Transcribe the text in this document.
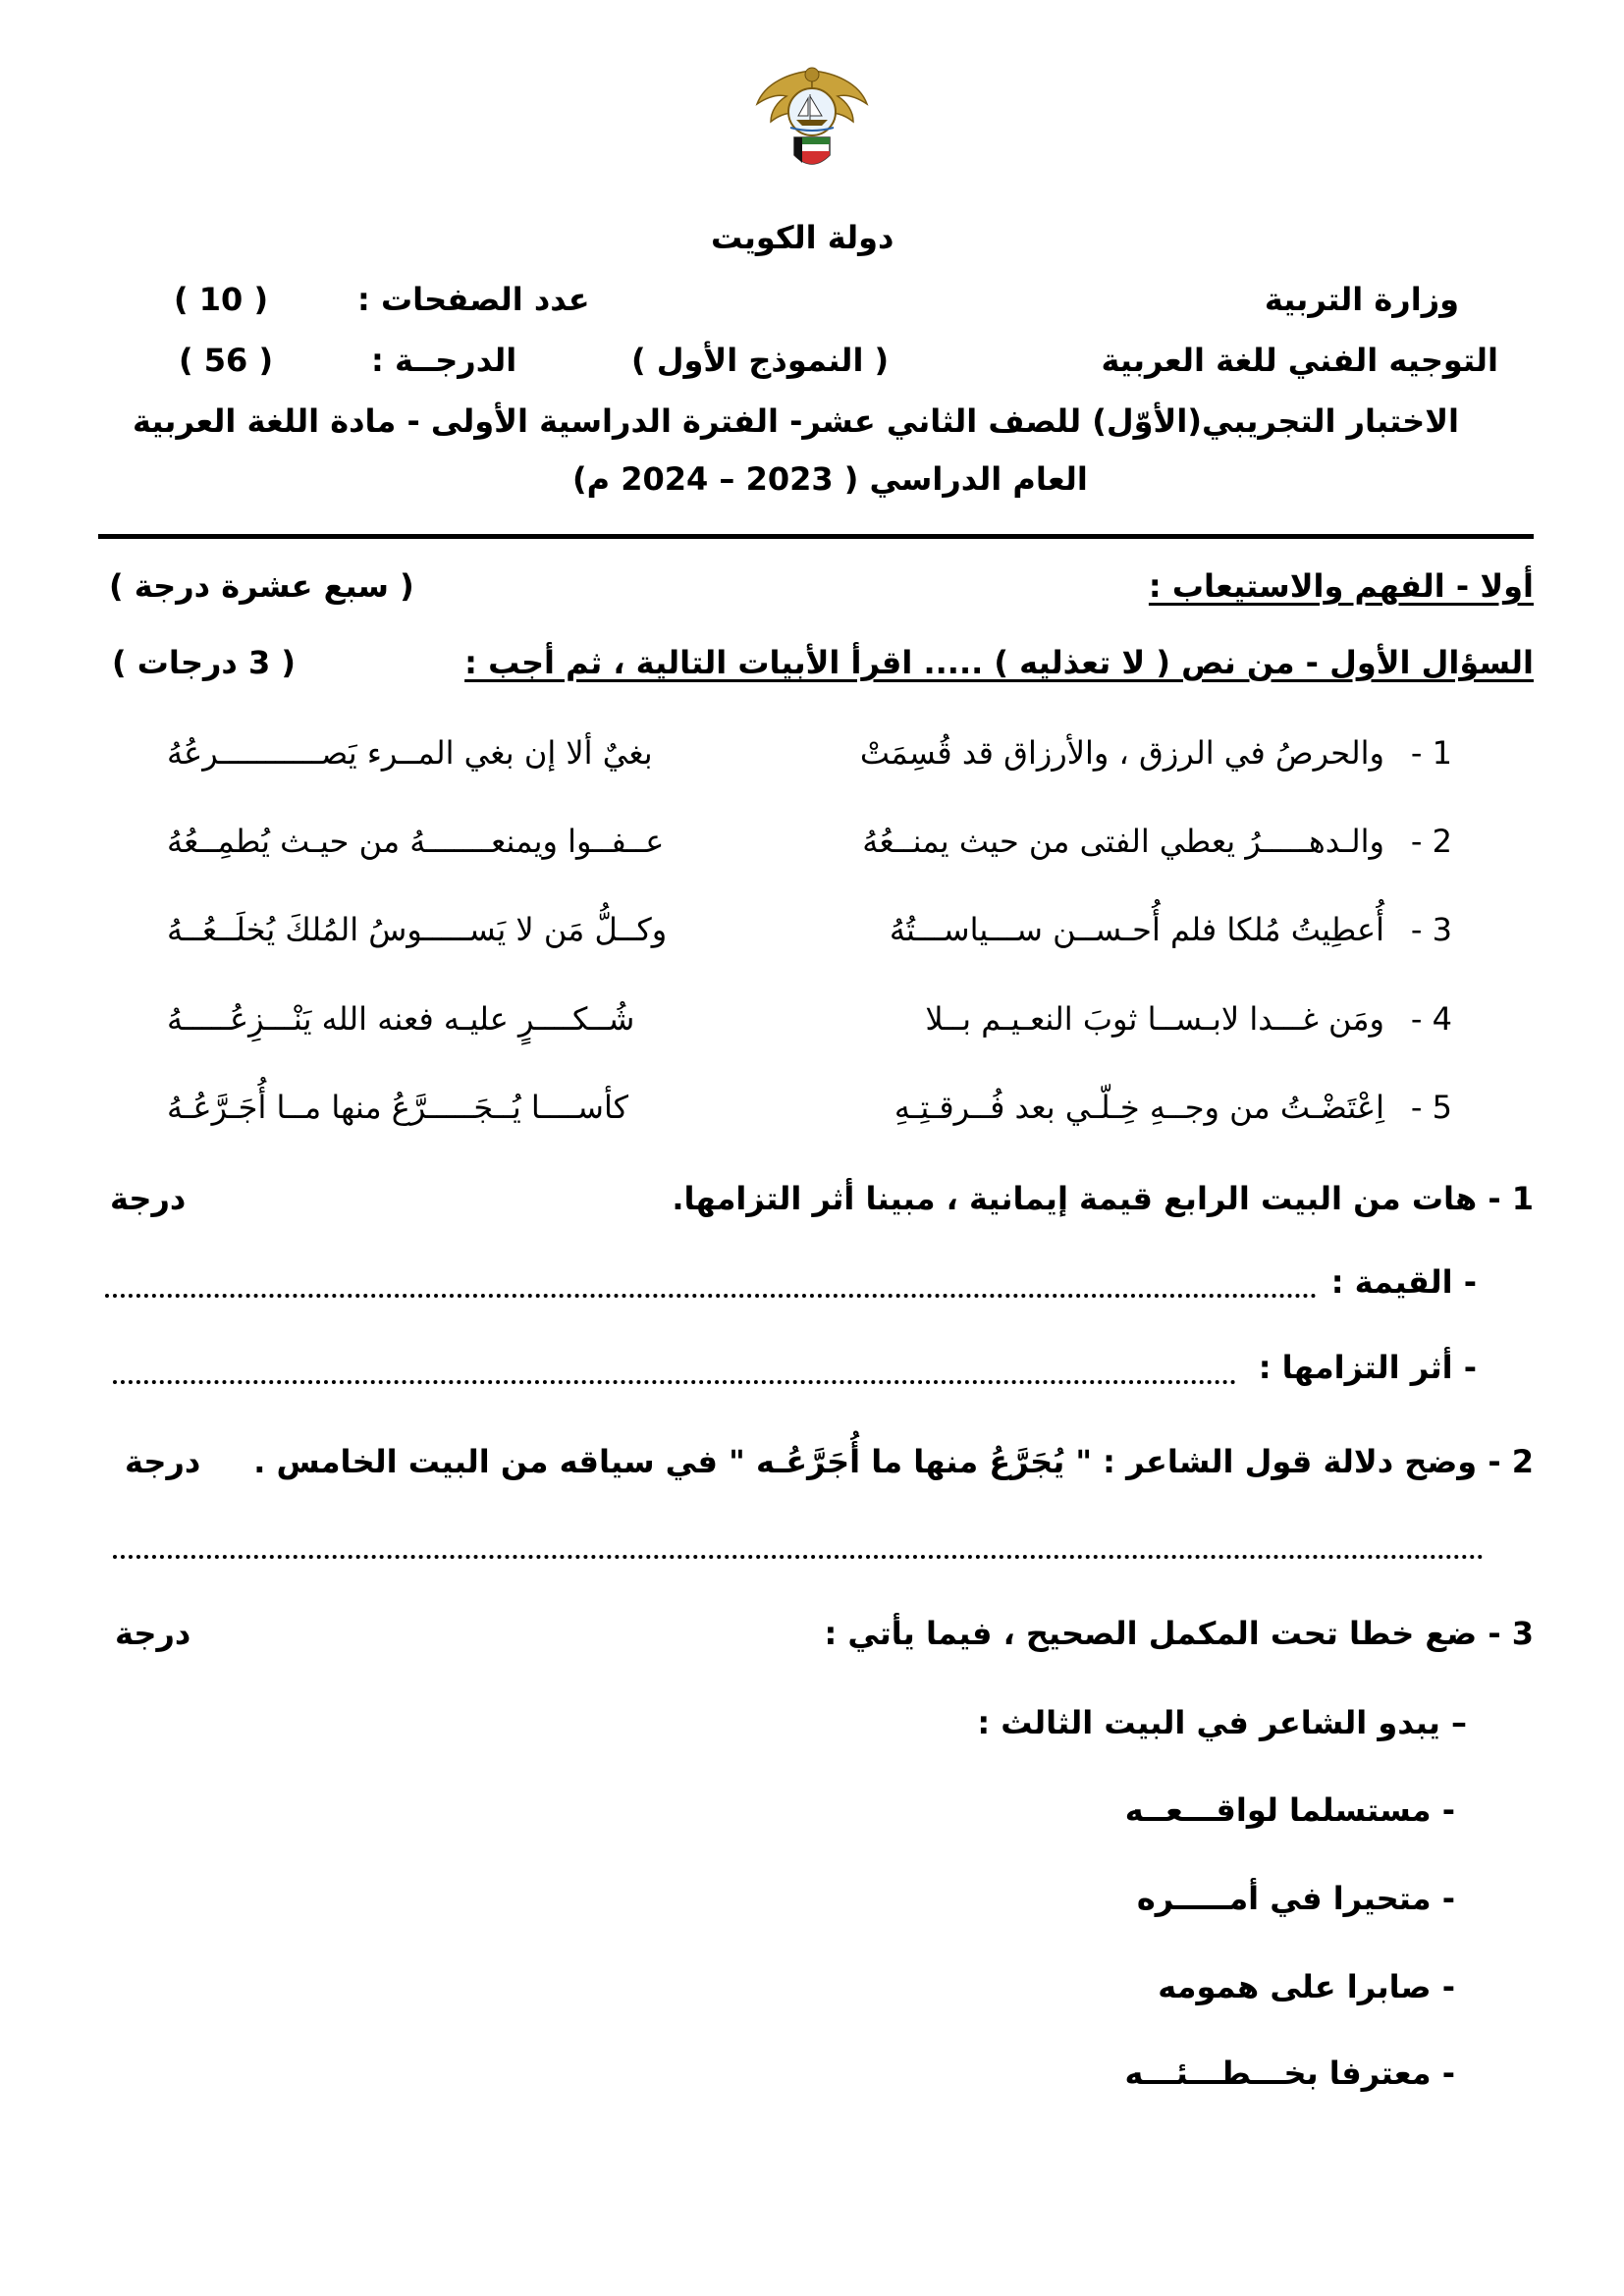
دولة الكويت
وزارة التربية
عدد الصفحات :
( 10 )
التوجيه الفني للغة العربية
( النموذج الأول )
الدرجــة :
( 56 )
الاختبار التجريبي(الأوّل) للصف الثاني عشر- الفترة الدراسية الأولى - مادة اللغة العربية
العام الدراسي ( 2023 – 2024 م)
أولا - الفهم والاستيعاب :
( سبع عشرة درجة )
السؤال الأول - من نص ( لا تعذليه ) ..... اقرأ الأبيات التالية ، ثم أجب :
( 3 درجات )
1 -
والحرصُ في الرزق ، والأرزاق قد قُسِمَتْ
بغيٌ ألا إن بغي المــرء يَصـــــــــــرعُهُ
2 -
والـدهـــــرُ يعطي الفتى من حيث يمنــعُهُ
عــفــوا ويمنعـــــــهُ من حيـث يُطمِــعُهُ
3 -
أُعطِيتُ مُلكا فلم أُحـســن ســـياســـتُهُ
وكــلُّ مَن لا يَســـــوسُ المُلكَ يُخلَــعُــهُ
4 -
ومَن غـــدا لابـســا ثوبَ النعـيـم بــلا
شُــكــــرٍ عليـه فعنه الله يَنْـــزِعُـــــهُ
5 -
اِعْتَضْـتُ من وجــهِ خِـلّـي بعد فُــرقـتِـهِ
كأســــا يُــجَـــــرَّعُ منها مــا أُجَـرَّعُـهُ
1 - هات من البيت الرابع قيمة إيمانية ، مبينا أثر التزامها.
درجة
- القيمة :
- أثر التزامها :
2 - وضح دلالة قول الشاعر : " يُجَرَّعُ منها ما أُجَرَّعُـه " في سياقه من البيت الخامس .
درجة
3 - ضع خطا تحت المكمل الصحيح ، فيما يأتي :
درجة
– يبدو الشاعر في البيت الثالث :
- مستسلما لواقـــعــه
- متحيرا في أمـــــره
- صابرا على همومه
- معترفا بخـــطـــئـــه
